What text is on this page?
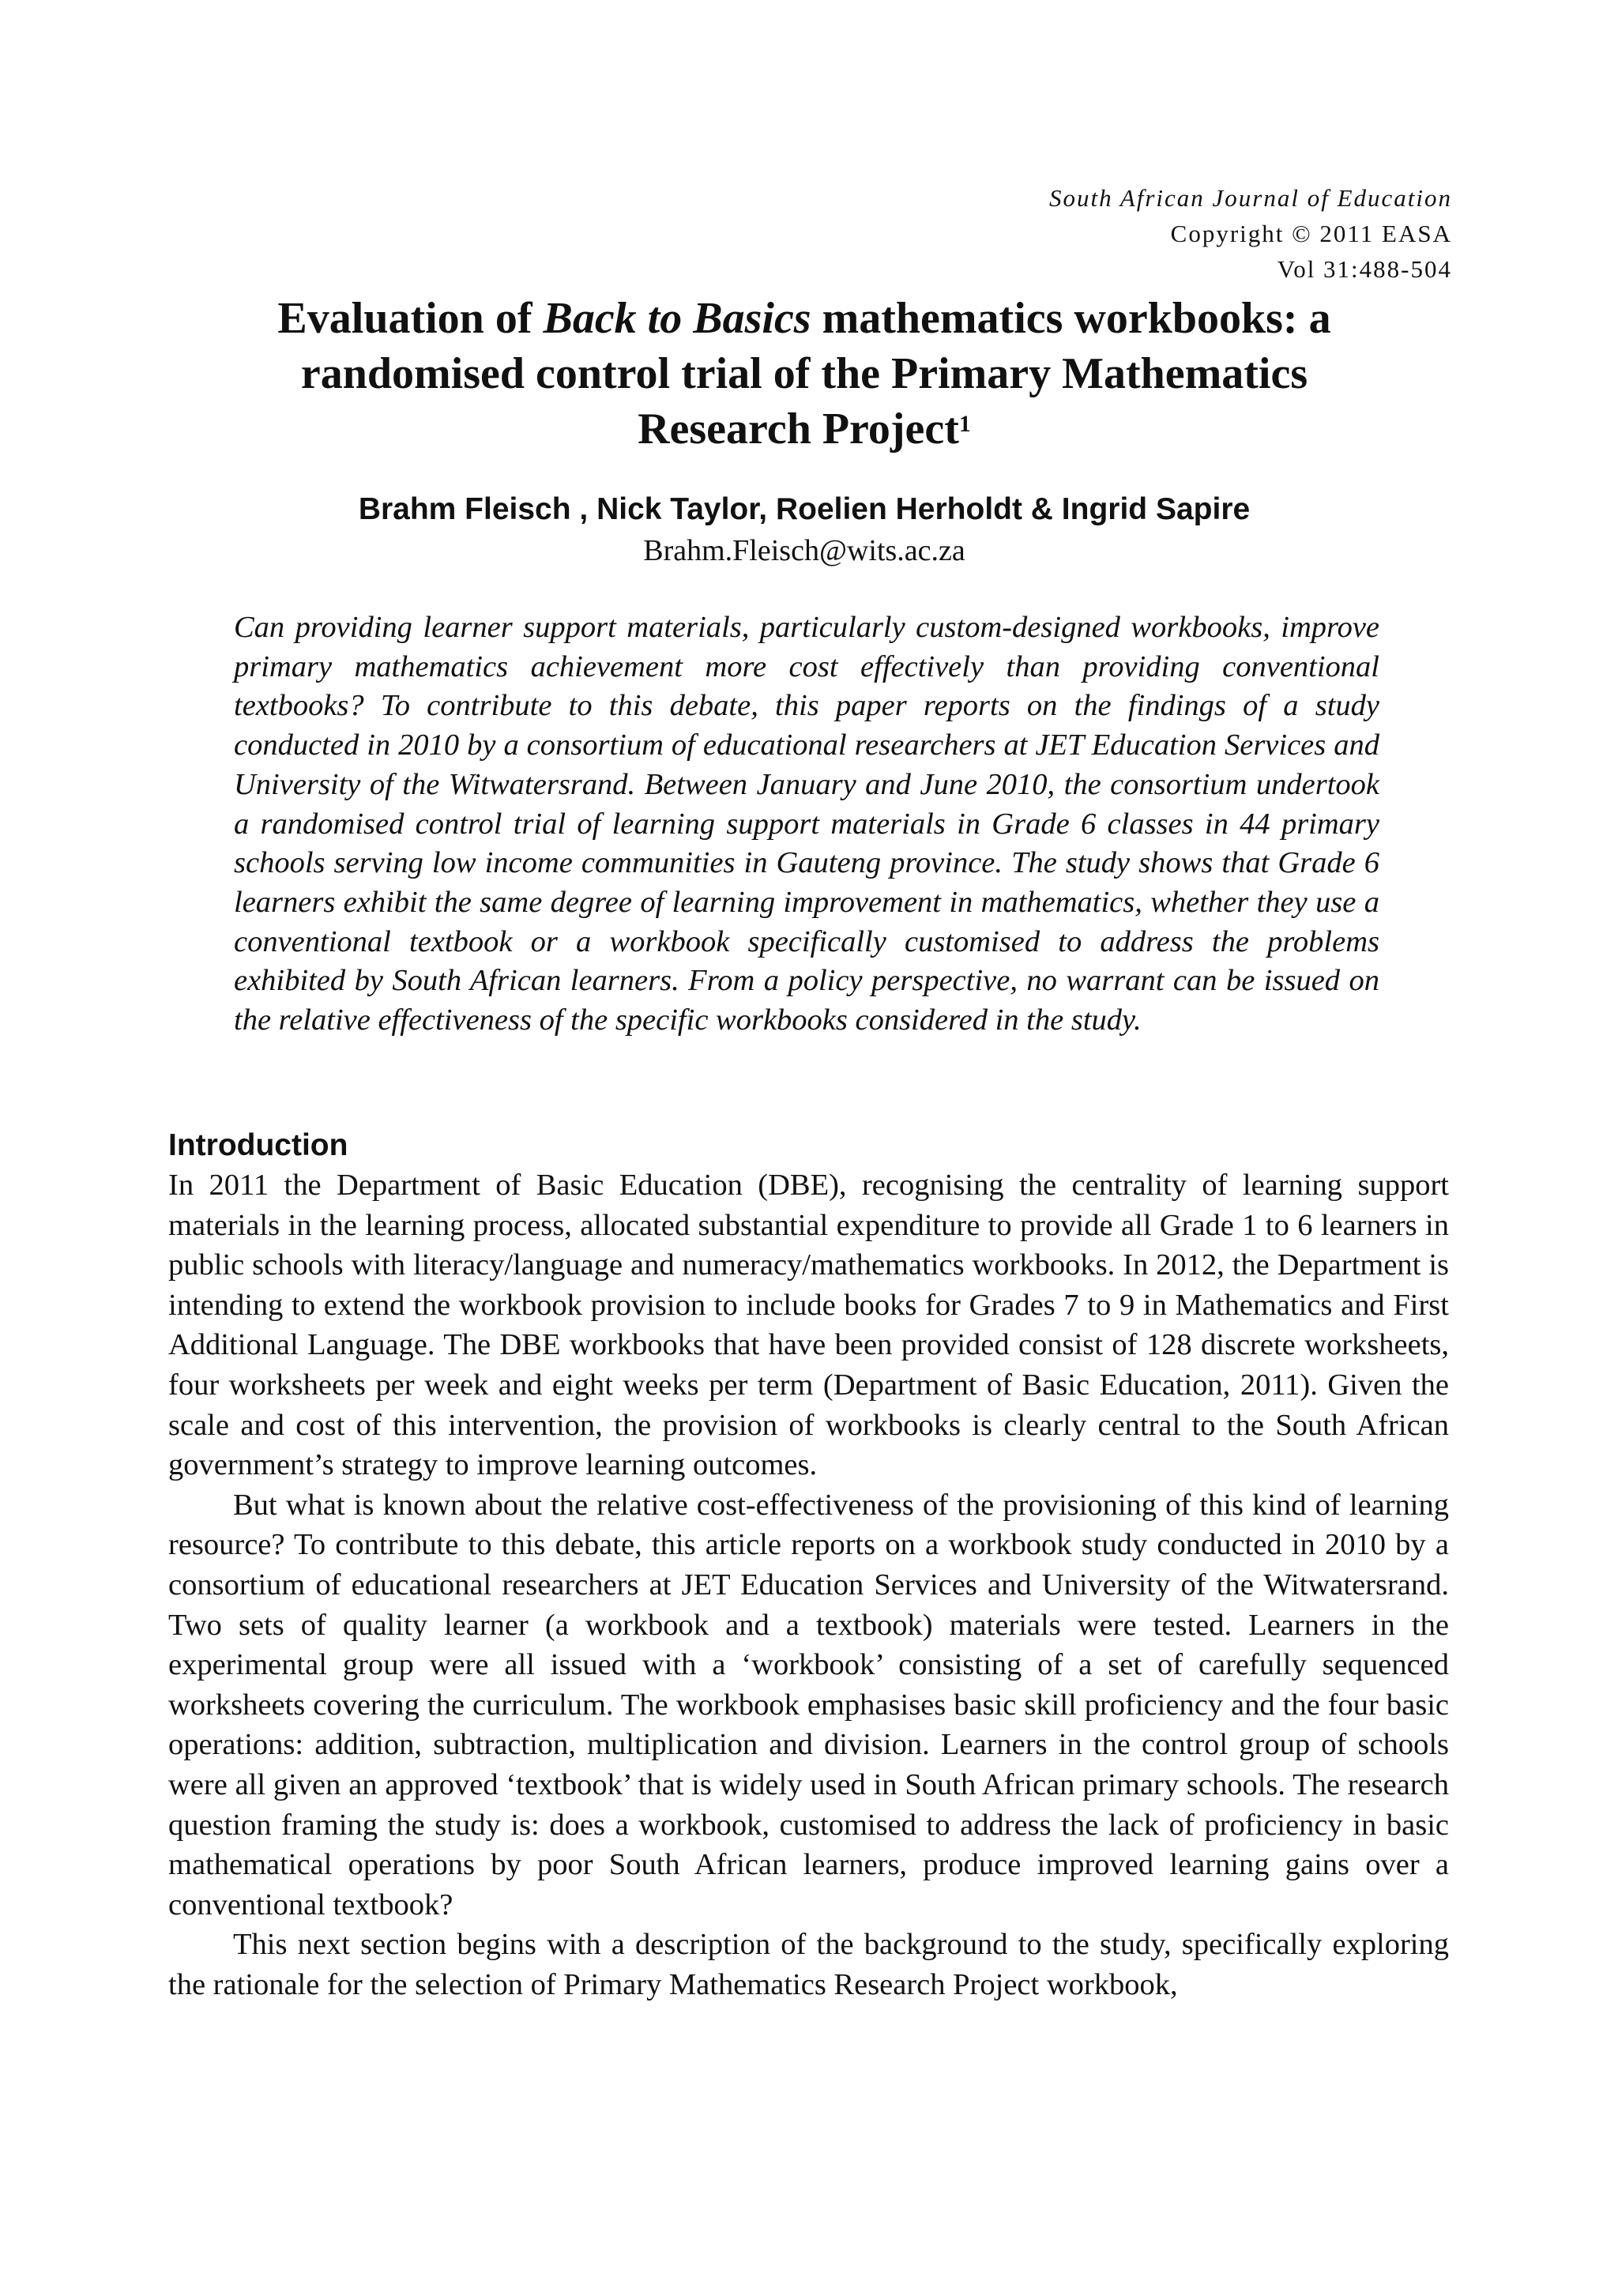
South African Journal of Education
Copyright © 2011 EASA
Vol 31:488-504
Evaluation of Back to Basics mathematics workbooks: a randomised control trial of the Primary Mathematics Research Project$^1$
Brahm Fleisch , Nick Taylor, Roelien Herholdt & Ingrid Sapire
Brahm.Fleisch@wits.ac.za

Can providing learner support materials, particularly custom-designed workbooks, improve primary mathematics achievement more cost effectively than providing conventional textbooks? To contribute to this debate, this paper reports on the findings of a study conducted in 2010 by a consortium of educational researchers at JET Education Services and University of the Witwatersrand. Between January and June 2010, the consortium undertook a randomised control trial of learning support materials in Grade 6 classes in 44 primary schools serving low income communities in Gauteng province. The study shows that Grade 6 learners exhibit the same degree of learning improvement in mathematics, whether they use a conventional textbook or a workbook specifically customised to address the problems exhibited by South African learners. From a policy perspective, no warrant can be issued on the relative effectiveness of the specific workbooks considered in the study.

Introduction

In 2011 the Department of Basic Education (DBE), recognising the centrality of learning support materials in the learning process, allocated substantial expenditure to provide all Grade 1 to 6 learners in public schools with literacy/language and numeracy/mathematics workbooks. In 2012, the Department is intending to extend the workbook provision to include books for Grades 7 to 9 in Mathematics and First Additional Language. The DBE workbooks that have been provided consist of 128 discrete worksheets, four worksheets per week and eight weeks per term (Department of Basic Education, 2011). Given the scale and cost of this intervention, the provision of workbooks is clearly central to the South African government’s strategy to improve learning outcomes.

But what is known about the relative cost-effectiveness of the provisioning of this kind of learning resource? To contribute to this debate, this article reports on a workbook study conducted in 2010 by a consortium of educational researchers at JET Education Services and University of the Witwatersrand. Two sets of quality learner (a workbook and a textbook) materials were tested. Learners in the experimental group were all issued with a ‘workbook’ consisting of a set of carefully sequenced worksheets covering the curriculum. The workbook emphasises basic skill proficiency and the four basic operations: addition, subtraction, multiplication and division. Learners in the control group of schools were all given an approved ‘textbook’ that is widely used in South African primary schools. The research question framing the study is: does a workbook, customised to address the lack of proficiency in basic mathematical operations by poor South African learners, produce improved learning gains over a conventional textbook?

This next section begins with a description of the background to the study, specifically exploring the rationale for the selection of Primary Mathematics Research Project workbook,
